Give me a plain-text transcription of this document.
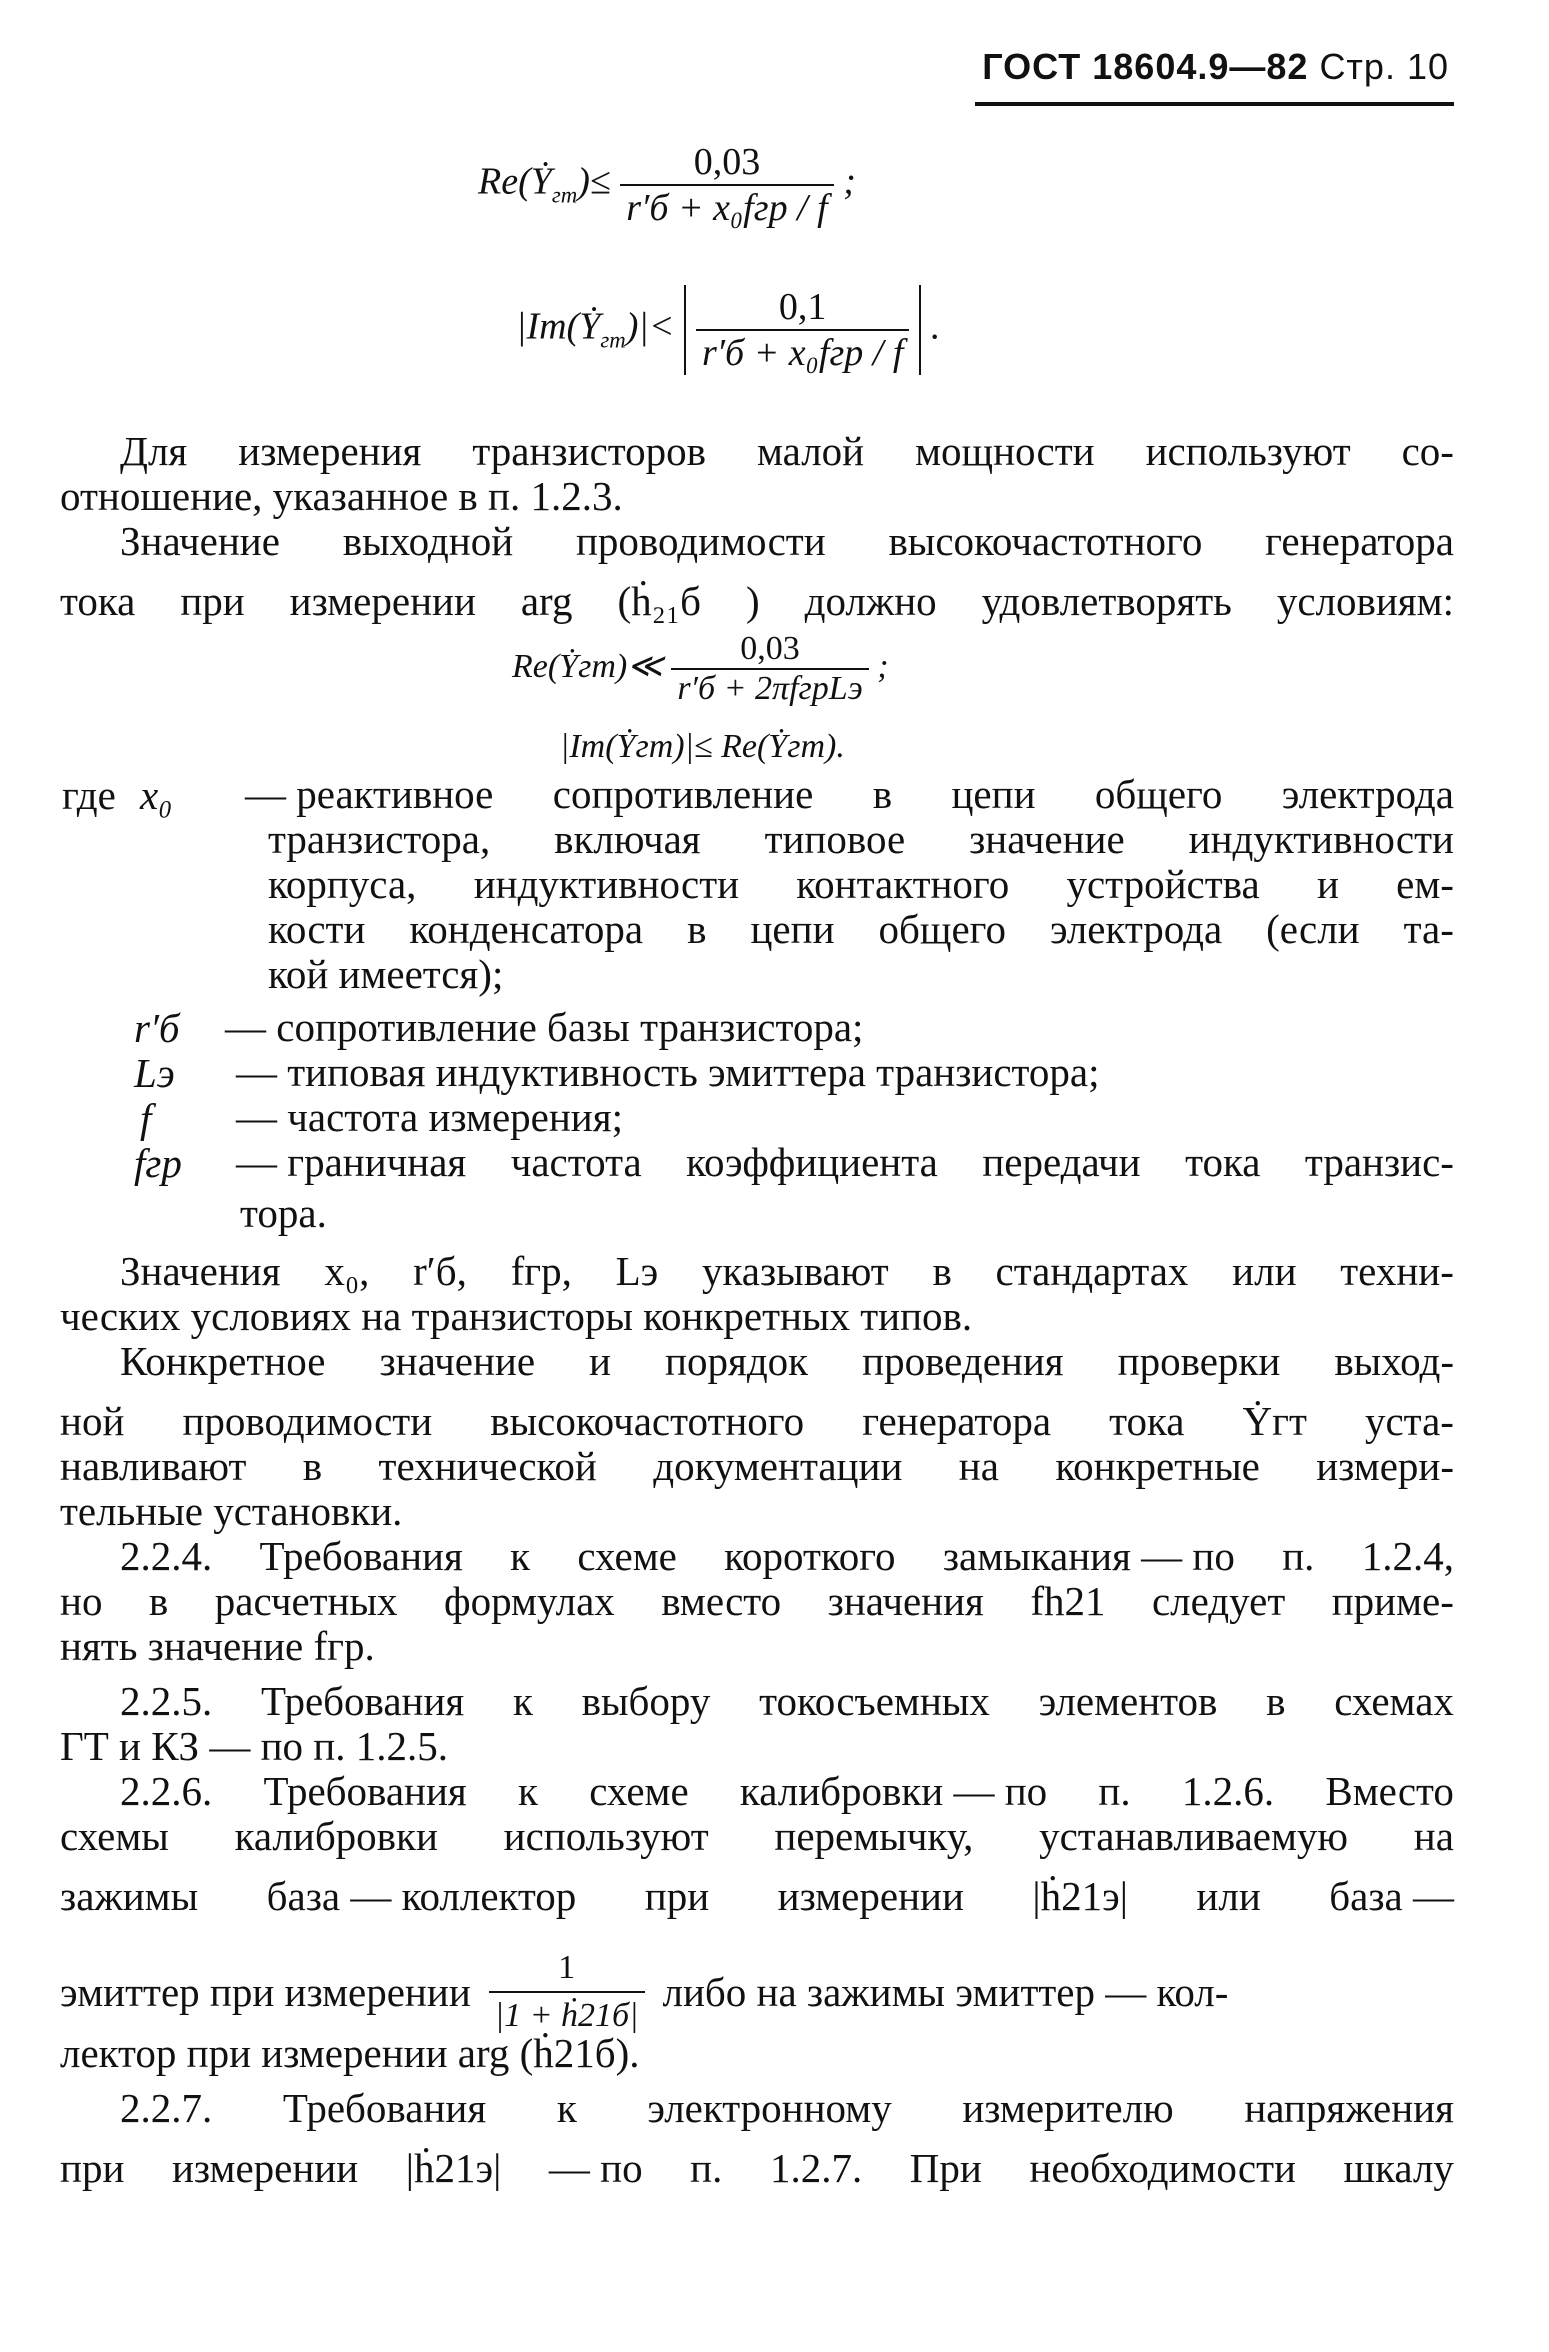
ГОСТ 18604.9—82 Стр. 10
Re(Ẏ$_{гт}$)≤ $\frac{0,03}{\text{r′б + x₀fгр / f}}$ ;
|Im(Ẏ$_{гт}$)|< $\frac{0,1}{\text{r′б + x₀fгр / f}}$ .
Для измерения транзисторов малой мощности используют со-
отношение, указанное в п. 1.2.3.
Значение выходной проводимости высокочастотного генератора
тока при измерении arg (ḣ₂₁б ) должно удовлетворять условиям:
Re(Ẏгт)≪ $\frac{0,03}{\text{r′б + 2πfгрLэ}}$ ;
|Im(Ẏгт)|≤ Re(Ẏгт).
где x₀ — реактивное сопротивление в цепи общего электрода
транзистора, включая типовое значение индуктивности
корпуса, индуктивности контактного устройства и ем-
кости конденсатора в цепи общего электрода (если та-
кой имеется);
r′б — сопротивление базы транзистора;
Lэ — типовая индуктивность эмиттера транзистора;
f — частота измерения;
fгр — граничная частота коэффициента передачи тока транзис-
тора.
Значения x₀, r′б, fгр, Lэ указывают в стандартах или техни-
ческих условиях на транзисторы конкретных типов.
Конкретное значение и порядок проведения проверки выход-
ной проводимости высокочастотного генератора тока Ẏгт уста-
навливают в технической документации на конкретные измери-
тельные установки.
2.2.4. Требования к схеме короткого замыкания — по п. 1.2.4,
но в расчетных формулах вместо значения fh21 следует приме-
нять значение fгр.
2.2.5. Требования к выбору токосъемных элементов в схемах
ГТ и КЗ — по п. 1.2.5.
2.2.6. Требования к схеме калибровки — по п. 1.2.6. Вместо
схемы калибровки используют перемычку, устанавливаемую на
зажимы база — коллектор при измерении |ḣ21э| или база —
эмиттер при измерении $\frac{1}{\text{|1 + ḣ21б|}}$ либо на зажимы эмиттер — кол-
лектор при измерении arg (ḣ21б).
2.2.7. Требования к электронному измерителю напряжения
при измерении |ḣ21э| — по п. 1.2.7. При необходимости шкалу
